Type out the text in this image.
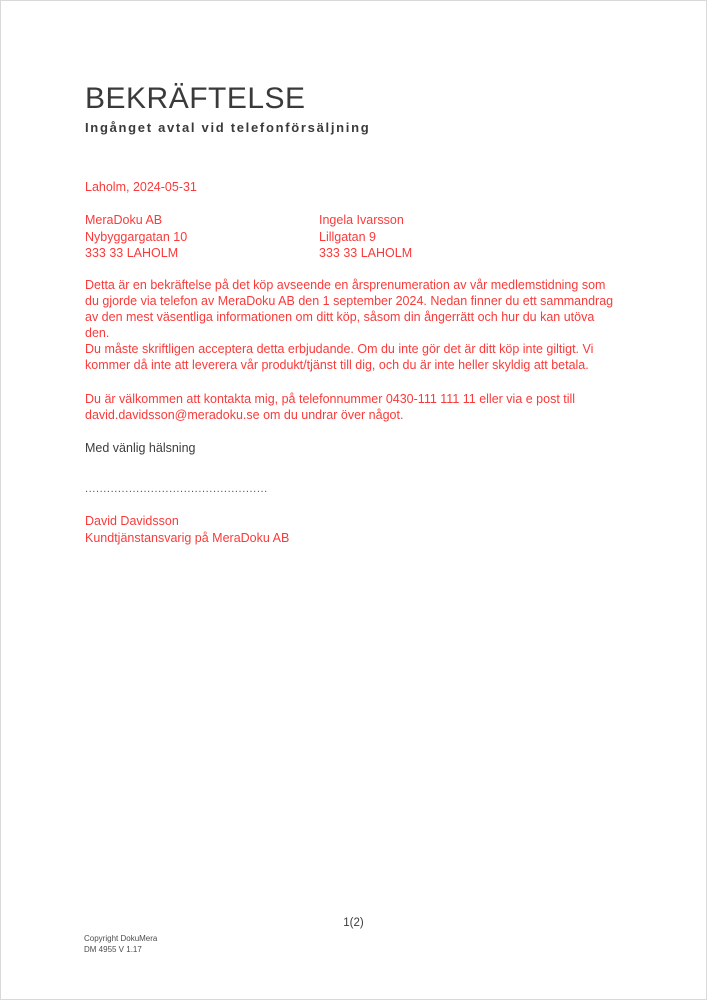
BEKRÄFTELSE
Ingånget avtal vid telefonförsäljning
Laholm, 2024-05-31
MeraDoku AB
Nybyggargatan 10
333 33 LAHOLM
Ingela Ivarsson
Lillgatan 9
333 33 LAHOLM
Detta är en bekräftelse på det köp avseende en årsprenumeration av vår medlemstidning som du gjorde via telefon av MeraDoku AB den 1 september 2024. Nedan finner du ett sammandrag av den mest väsentliga informationen om ditt köp, såsom din ångerrätt och hur du kan utöva den.
Du måste skriftligen acceptera detta erbjudande. Om du inte gör det är ditt köp inte giltigt. Vi kommer då inte att leverera vår produkt/tjänst till dig, och du är inte heller skyldig att betala.
Du är välkommen att kontakta mig, på telefonnummer 0430-111 111 11 eller via e post till david.davidsson@meradoku.se om du undrar över något.
Med vänlig hälsning
..................................................
David Davidsson
Kundtjänstansvarig på MeraDoku AB
1(2)
Copyright DokuMera
DM 4955 V 1.17
